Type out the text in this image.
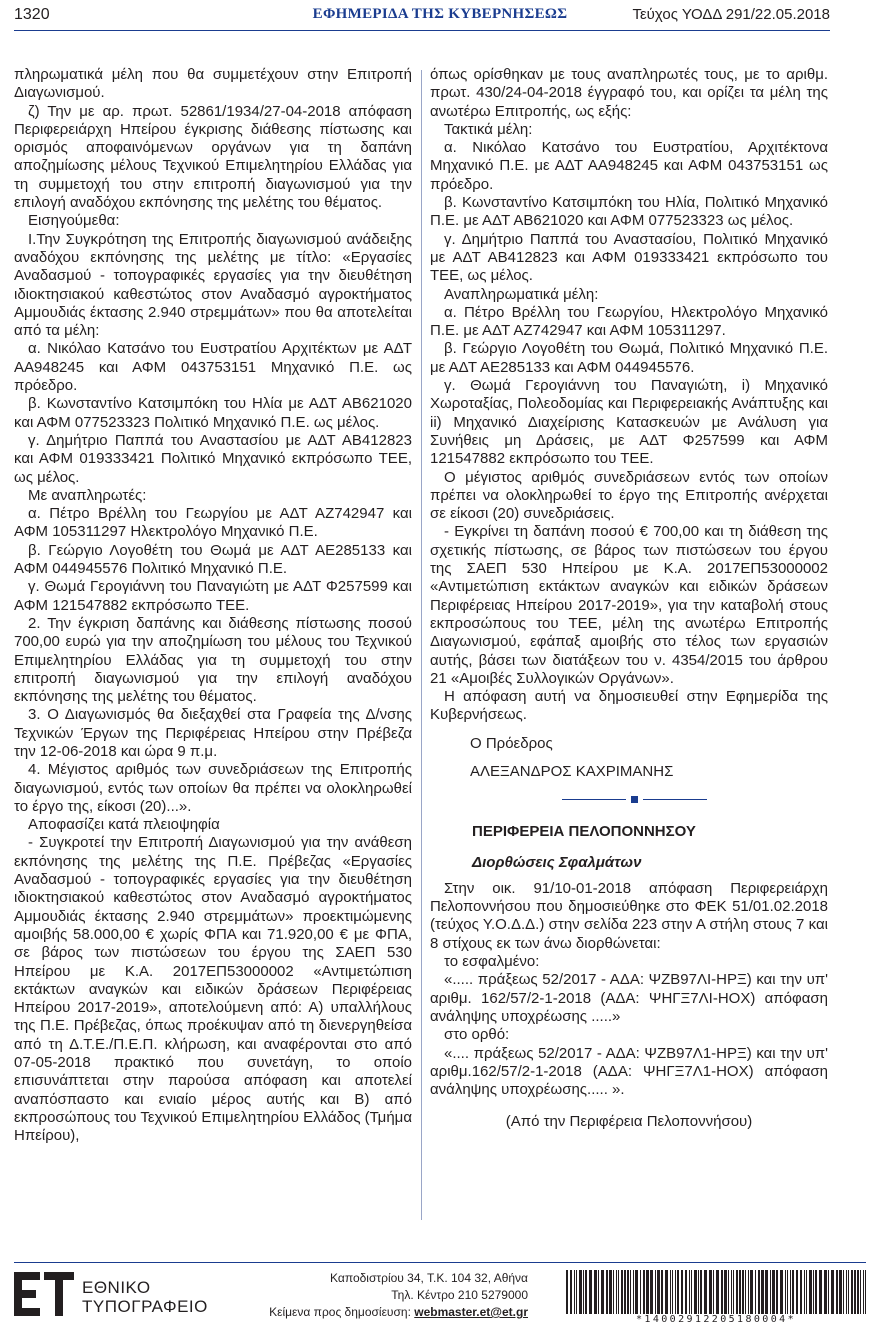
1320	ΕΦΗΜΕΡΙΔΑ ΤΗΣ ΚΥΒΕΡΝΗΣΕΩΣ	Τεύχος ΥΟΔΔ 291/22.05.2018

πληρωματικά μέλη που θα συμμετέχουν στην Επιτροπή Διαγωνισμού.

ζ) Την με αρ. πρωτ. 52861/1934/27-04-2018 απόφαση Περιφερειάρχη Ηπείρου έγκρισης διάθεσης πίστωσης και ορισμός αποφαινόμενων οργάνων για τη δαπάνη αποζημίωσης μέλους Τεχνικού Επιμελητηρίου Ελλάδας για τη συμμετοχή του στην επιτροπή διαγωνισμού για την επιλογή αναδόχου εκπόνησης της μελέτης του θέματος.

Εισηγούμεθα:

Ι.Την Συγκρότηση της Επιτροπής διαγωνισμού ανάδειξης αναδόχου εκπόνησης της μελέτης με τίτλο: «Εργασίες Αναδασμού - τοπογραφικές εργασίες για την διευθέτηση ιδιοκτησιακού καθεστώτος στον Αναδασμό αγροκτήματος Αμμουδιάς έκτασης 2.940 στρεμμάτων» που θα αποτελείται από τα μέλη:

α. Νικόλαο Κατσάνο του Ευστρατίου Αρχιτέκτων με ΑΔΤ ΑΑ948245 και ΑΦΜ 043753151 Μηχανικό Π.Ε. ως πρόεδρο.

β. Κωνσταντίνο Κατσιμπόκη του Ηλία με ΑΔΤ ΑΒ621020 και ΑΦΜ 077523323 Πολιτικό Μηχανικό Π.Ε. ως μέλος.

γ. Δημήτριο Παππά του Αναστασίου με ΑΔΤ ΑΒ412823 και ΑΦΜ 019333421 Πολιτικό Μηχανικό εκπρόσωπο ΤΕΕ, ως μέλος.

Με αναπληρωτές:

α. Πέτρο Βρέλλη του Γεωργίου με ΑΔΤ ΑΖ742947 και ΑΦΜ 105311297 Ηλεκτρολόγο Μηχανικό Π.Ε.

β. Γεώργιο Λογοθέτη του Θωμά με ΑΔΤ ΑΕ285133 και ΑΦΜ 044945576 Πολιτικό Μηχανικό Π.Ε.

γ. Θωμά Γερογιάννη του Παναγιώτη με ΑΔΤ Φ257599 και ΑΦΜ 121547882 εκπρόσωπο ΤΕΕ.

2. Την έγκριση δαπάνης και διάθεσης πίστωσης ποσού 700,00 ευρώ για την αποζημίωση του μέλους του Τεχνικού Επιμελητηρίου Ελλάδας για τη συμμετοχή του στην επιτροπή διαγωνισμού για την επιλογή αναδόχου εκπόνησης της μελέτης του θέματος.

3. Ο Διαγωνισμός θα διεξαχθεί στα Γραφεία της Δ/νσης Τεχνικών Έργων της Περιφέρειας Ηπείρου στην Πρέβεζα την 12-06-2018 και ώρα 9 π.μ.

4. Μέγιστος αριθμός των συνεδριάσεων της Επιτροπής διαγωνισμού, εντός των οποίων θα πρέπει να ολοκληρωθεί το έργο της, είκοσι (20)...».

Αποφασίζει κατά πλειοψηφία

- Συγκροτεί την Επιτροπή Διαγωνισμού για την ανάθεση εκπόνησης της μελέτης της Π.Ε. Πρέβεζας «Εργασίες Αναδασμού - τοπογραφικές εργασίες για την διευθέτηση ιδιοκτησιακού καθεστώτος στον Αναδασμό αγροκτήματος Αμμουδιάς έκτασης 2.940 στρεμμάτων» προεκτιμώμενης αμοιβής 58.000,00 € χωρίς ΦΠΑ και 71.920,00 € με ΦΠΑ, σε βάρος των πιστώσεων του έργου της ΣΑΕΠ 530 Ηπείρου με Κ.Α. 2017ΕΠ53000002 «Αντιμετώπιση εκτάκτων αναγκών και ειδικών δράσεων Περιφέρειας Ηπείρου 2017-2019», αποτελούμενη από: Α) υπαλλήλους της Π.Ε. Πρέβεζας, όπως προέκυψαν από τη διενεργηθείσα από τη Δ.Τ.Ε./Π.Ε.Π. κλήρωση, και αναφέρονται στο από 07-05-2018 πρακτικό που συνετάγη, το οποίο επισυνάπτεται στην παρούσα απόφαση και αποτελεί αναπόσπαστο και ενιαίο μέρος αυτής και Β) από εκπροσώπους του Τεχνικού Επιμελητηρίου Ελλάδος (Τμήμα Ηπείρου),

όπως ορίσθηκαν με τους αναπληρωτές τους, με το αριθμ. πρωτ. 430/24-04-2018 έγγραφό του, και ορίζει τα μέλη της ανωτέρω Επιτροπής, ως εξής:

Τακτικά μέλη:

α. Νικόλαο Κατσάνο του Ευστρατίου, Αρχιτέκτονα Μηχανικό Π.Ε. με ΑΔΤ ΑΑ948245 και ΑΦΜ 043753151 ως πρόεδρο.

β. Κωνσταντίνο Κατσιμπόκη του Ηλία, Πολιτικό Μηχανικό Π.Ε. με ΑΔΤ ΑΒ621020 και ΑΦΜ 077523323 ως μέλος.

γ. Δημήτριο Παππά του Αναστασίου, Πολιτικό Μηχανικό με ΑΔΤ ΑΒ412823 και ΑΦΜ 019333421 εκπρόσωπο του ΤΕΕ, ως μέλος.

Αναπληρωματικά μέλη:

α. Πέτρο Βρέλλη του Γεωργίου, Ηλεκτρολόγο Μηχανικό Π.Ε. με ΑΔΤ ΑΖ742947 και ΑΦΜ 105311297.

β. Γεώργιο Λογοθέτη του Θωμά, Πολιτικό Μηχανικό Π.Ε. με ΑΔΤ ΑΕ285133 και ΑΦΜ 044945576.

γ. Θωμά Γερογιάννη του Παναγιώτη, i) Μηχανικό Χωροταξίας, Πολεοδομίας και Περιφερειακής Ανάπτυξης και ii) Μηχανικό Διαχείρισης Κατασκευών με Ανάλυση για Συνήθεις μη Δράσεις, με ΑΔΤ Φ257599 και ΑΦΜ 121547882 εκπρόσωπο του ΤΕΕ.

Ο μέγιστος αριθμός συνεδριάσεων εντός των οποίων πρέπει να ολοκληρωθεί το έργο της Επιτροπής ανέρχεται σε είκοσι (20) συνεδριάσεις.

- Εγκρίνει τη δαπάνη ποσού € 700,00 και τη διάθεση της σχετικής πίστωσης, σε βάρος των πιστώσεων του έργου της ΣΑΕΠ 530 Ηπείρου με Κ.Α. 2017ΕΠ53000002 «Αντιμετώπιση εκτάκτων αναγκών και ειδικών δράσεων Περιφέρειας Ηπείρου 2017-2019», για την καταβολή στους εκπροσώπους του ΤΕΕ, μέλη της ανωτέρω Επιτροπής Διαγωνισμού, εφάπαξ αμοιβής στο τέλος των εργασιών αυτής, βάσει των διατάξεων του ν. 4354/2015 του άρθρου 21 «Αμοιβές Συλλογικών Οργάνων».

Η απόφαση αυτή να δημοσιευθεί στην Εφημερίδα της Κυβερνήσεως.

Ο Πρόεδρος

ΑΛΕΞΑΝΔΡΟΣ ΚΑΧΡΙΜΑΝΗΣ

ΠΕΡΙΦΕΡΕΙΑ ΠΕΛΟΠΟΝΝΗΣΟΥ

Διορθώσεις Σφαλμάτων

Στην οικ. 91/10-01-2018 απόφαση Περιφερειάρχη Πελοποννήσου που δημοσιεύθηκε στο ΦΕΚ 51/01.02.2018 (τεύχος Υ.Ο.Δ.Δ.) στην σελίδα 223 στην Α στήλη στους 7 και 8 στίχους εκ των άνω διορθώνεται:

το εσφαλμένο:

«..... πράξεως 52/2017 - ΑΔΑ: ΨΖΒ97ΛΙ-ΗΡΞ) και την υπ' αριθμ. 162/57/2-1-2018 (ΑΔΑ: ΨΗΓΞ7ΛΙ-ΗΟΧ) απόφαση ανάληψης υποχρέωσης .....»

στο ορθό:

«.... πράξεως 52/2017 - ΑΔΑ: ΨΖΒ97Λ1-ΗΡΞ) και την υπ' αριθμ.162/57/2-1-2018 (ΑΔΑ: ΨΗΓΞ7Λ1-ΗΟΧ) απόφαση ανάληψης υποχρέωσης..... ».

(Από την Περιφέρεια Πελοποννήσου)

ΕΘΝΙΚΟ
ΤΥΠΟΓΡΑΦΕΙΟ
Καποδιστρίου 34, Τ.Κ. 104 32, Αθήνα
Τηλ. Κέντρο 210 5279000
Κείμενα προς δημοσίευση: webmaster.et@et.gr
*14002912205180004*
